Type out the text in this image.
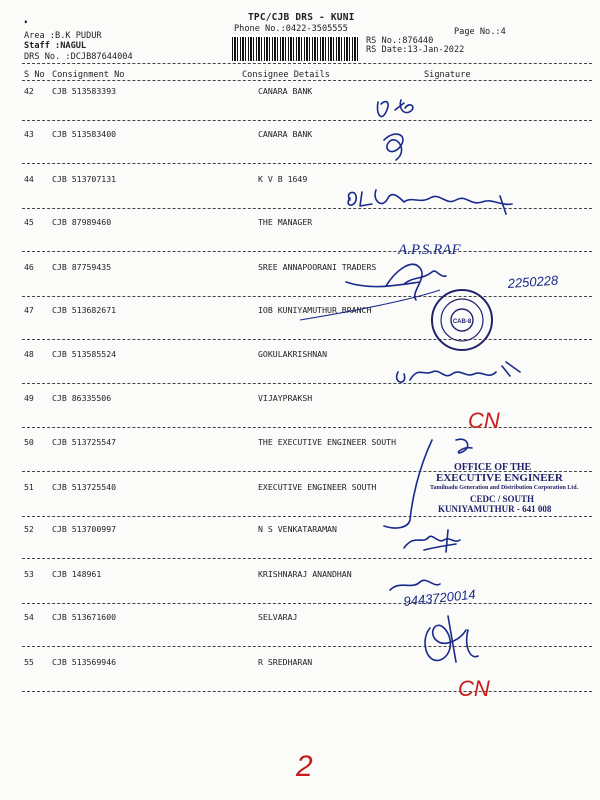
♦	TPC/CJB DRS - KUNI
Phone No.:0422-3505555	Page No.:4
Area :B.K PUDUR
Staff :NAGUL
DRS No. :DCJB87644004
RS No.:876440
RS Date:13-Jan-2022
S No Consignment No	Consignee Details	Signature
42 CJB 513583393	CANARA BANK
43 CJB 513583400	CANARA BANK
44 CJB 513707131	K V B 1649
45 CJB 87989460	THE MANAGER
46 CJB 87759435	SREE ANNAPOORANI TRADERS
47 CJB 513682671	IOB KUNIYAMUTHUR BRANCH
48 CJB 513585524	GOKULAKRISHNAN
49 CJB 86335506	VIJAYPRAKSH
50 CJB 513725547	THE EXECUTIVE ENGINEER SOUTH
51 CJB 513725540	EXECUTIVE ENGINEER SOUTH
52 CJB 513700997	N S VENKATARAMAN
53 CJB 148961	KRISHNARAJ ANANDHAN
54 CJB 513671600	SELVARAJ
55 CJB 513569946	R SREDHARAN
A.P.S.RAF
2250228
CAB-8
CN
9443720014
CN
2
OFFICE OF THE
EXECUTIVE ENGINEER
Tamilnadu Generation and Distribution Corporation Ltd.
CEDC / SOUTH
KUNIYAMUTHUR - 641 008
